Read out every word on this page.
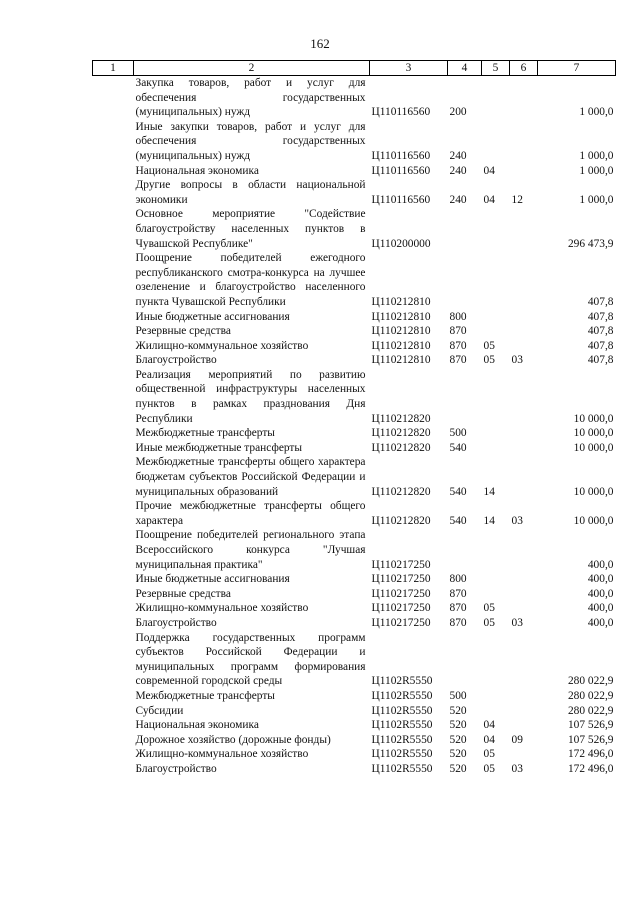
162
1	2	3	4	5	6	7
	Закупка товаров, работ и услуг для обеспечения государственных (муниципальных) нужд	Ц110116560	200			1 000,0
	Иные закупки товаров, работ и услуг для обеспечения государственных (муниципальных) нужд	Ц110116560	240			1 000,0
	Национальная экономика	Ц110116560	240	04		1 000,0
	Другие вопросы в области национальной экономики	Ц110116560	240	04	12	1 000,0
	Основное мероприятие "Содействие благоустройству населенных пунктов в Чувашской Республике"	Ц110200000				296 473,9
	Поощрение победителей ежегодного республиканского смотра-конкурса на лучшее озеленение и благоустройство населенного пункта Чувашской Республики	Ц110212810				407,8
	Иные бюджетные ассигнования	Ц110212810	800			407,8
	Резервные средства	Ц110212810	870			407,8
	Жилищно-коммунальное хозяйство	Ц110212810	870	05		407,8
	Благоустройство	Ц110212810	870	05	03	407,8
	Реализация мероприятий по развитию общественной инфраструктуры населенных пунктов в рамках празднования Дня Республики	Ц110212820				10 000,0
	Межбюджетные трансферты	Ц110212820	500			10 000,0
	Иные межбюджетные трансферты	Ц110212820	540			10 000,0
	Межбюджетные трансферты общего характера бюджетам субъектов Российской Федерации и муниципальных образований	Ц110212820	540	14		10 000,0
	Прочие межбюджетные трансферты общего характера	Ц110212820	540	14	03	10 000,0
	Поощрение победителей регионального этапа Всероссийского конкурса "Лучшая муниципальная практика"	Ц110217250				400,0
	Иные бюджетные ассигнования	Ц110217250	800			400,0
	Резервные средства	Ц110217250	870			400,0
	Жилищно-коммунальное хозяйство	Ц110217250	870	05		400,0
	Благоустройство	Ц110217250	870	05	03	400,0
	Поддержка государственных программ субъектов Российской Федерации и муниципальных программ формирования современной городской среды	Ц1102R5550				280 022,9
	Межбюджетные трансферты	Ц1102R5550	500			280 022,9
	Субсидии	Ц1102R5550	520			280 022,9
	Национальная экономика	Ц1102R5550	520	04		107 526,9
	Дорожное хозяйство (дорожные фонды)	Ц1102R5550	520	04	09	107 526,9
	Жилищно-коммунальное хозяйство	Ц1102R5550	520	05		172 496,0
	Благоустройство	Ц1102R5550	520	05	03	172 496,0
